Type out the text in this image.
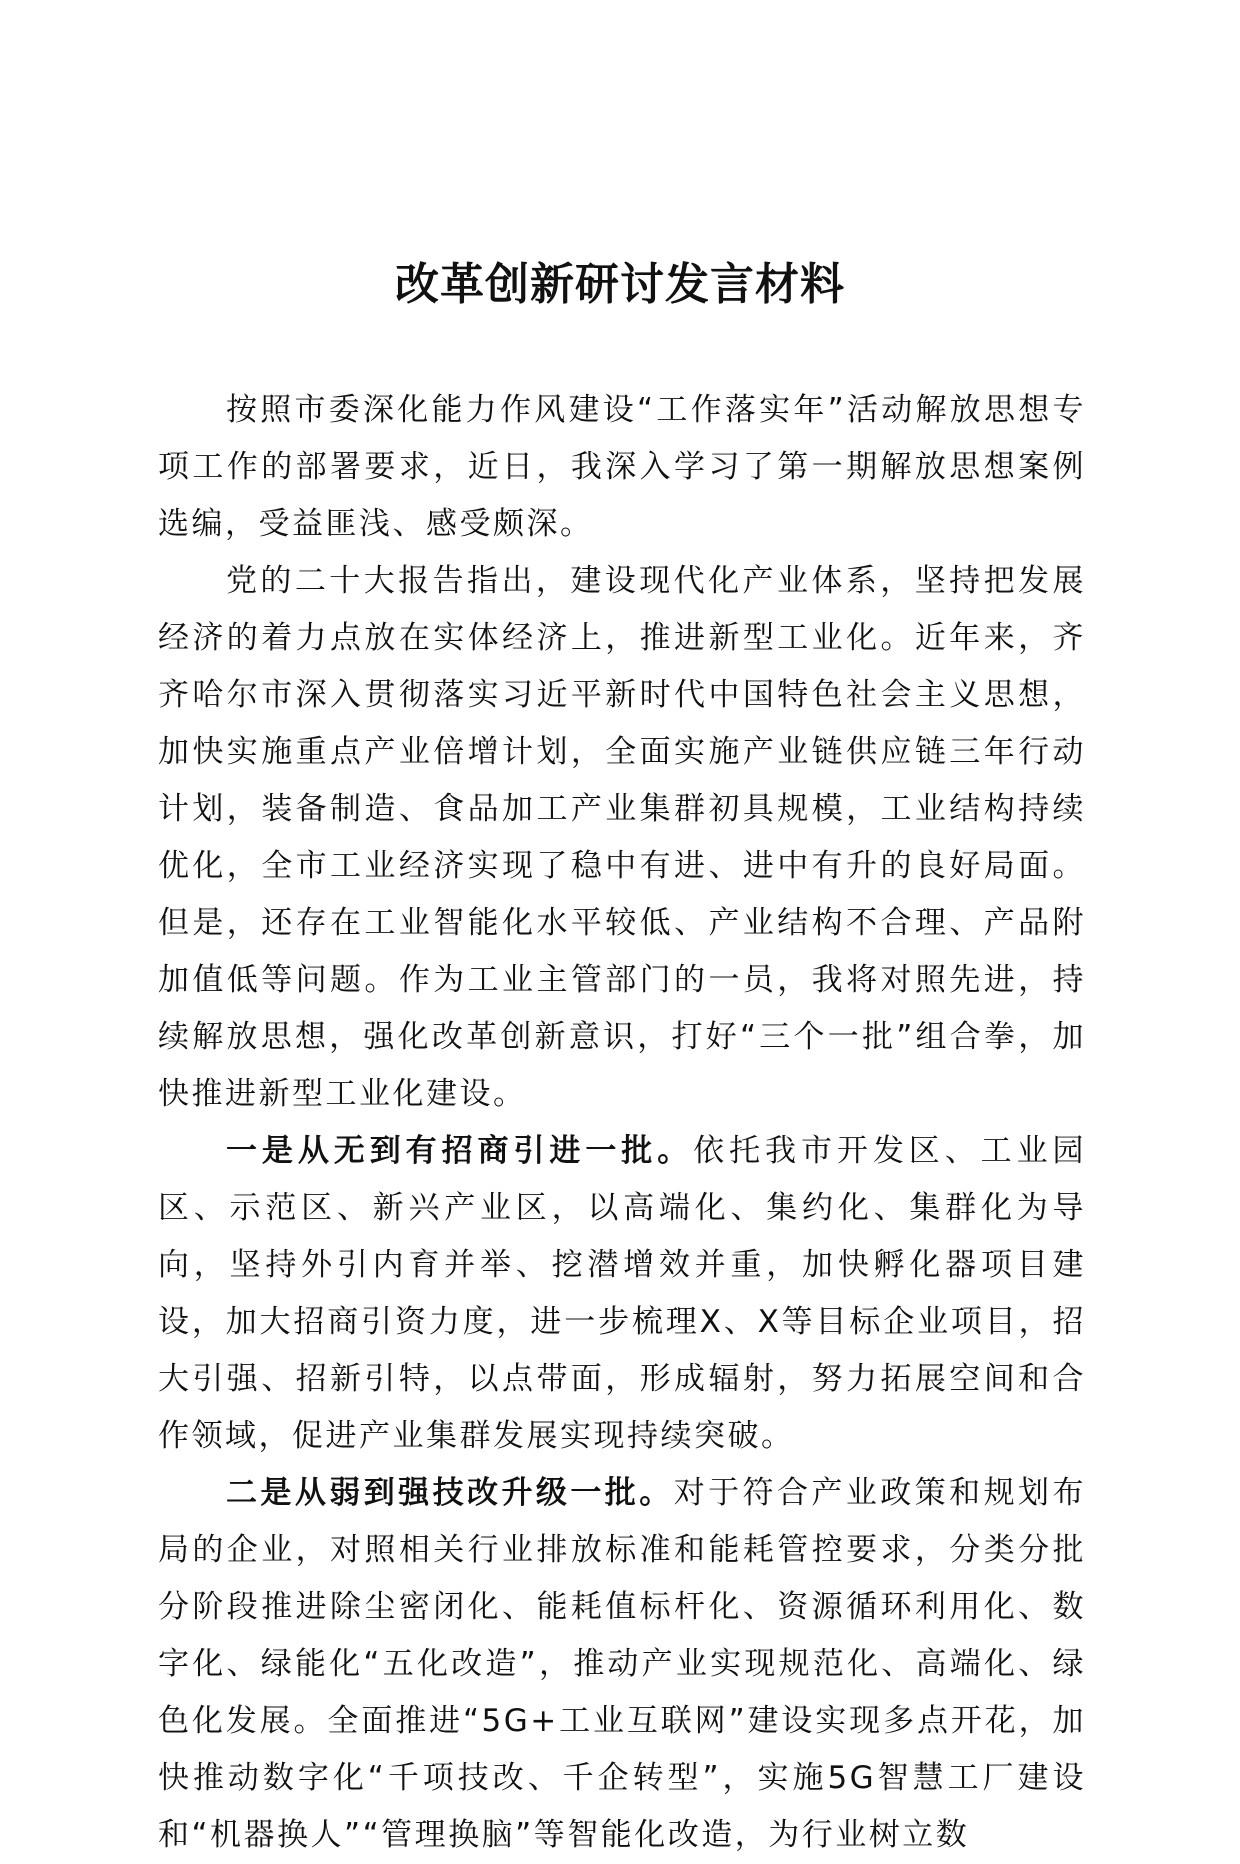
改革创新研讨发言材料

按照市委深化能力作风建设“工作落实年”活动解放思想专项工作的部署要求，近日，我深入学习了第一期解放思想案例选编，受益匪浅、感受颇深。

党的二十大报告指出，建设现代化产业体系，坚持把发展经济的着力点放在实体经济上，推进新型工业化。近年来，齐齐哈尔市深入贯彻落实习近平新时代中国特色社会主义思想，加快实施重点产业倍增计划，全面实施产业链供应链三年行动计划，装备制造、食品加工产业集群初具规模，工业结构持续优化，全市工业经济实现了稳中有进、进中有升的良好局面。但是，还存在工业智能化水平较低、产业结构不合理、产品附加值低等问题。作为工业主管部门的一员，我将对照先进，持续解放思想，强化改革创新意识，打好“三个一批”组合拳，加快推进新型工业化建设。

一是从无到有招商引进一批。依托我市开发区、工业园区、示范区、新兴产业区，以高端化、集约化、集群化为导向，坚持外引内育并举、挖潜增效并重，加快孵化器项目建设，加大招商引资力度，进一步梳理X、X等目标企业项目，招大引强、招新引特，以点带面，形成辐射，努力拓展空间和合作领域，促进产业集群发展实现持续突破。

二是从弱到强技改升级一批。对于符合产业政策和规划布局的企业，对照相关行业排放标准和能耗管控要求，分类分批分阶段推进除尘密闭化、能耗值标杆化、资源循环利用化、数字化、绿能化“五化改造”，推动产业实现规范化、高端化、绿色化发展。全面推进“5G+工业互联网”建设实现多点开花，加快推动数字化“千项技改、千企转型”，实施5G智慧工厂建设和“机器换人”“管理换脑”等智能化改造，为行业树立数
